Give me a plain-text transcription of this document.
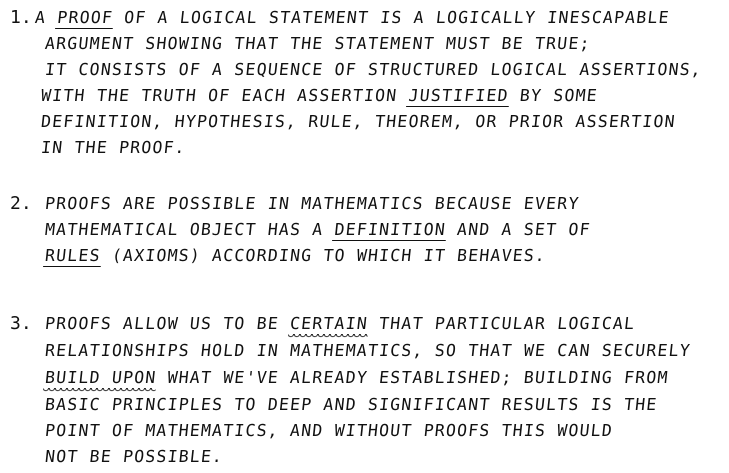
1. A PROOF OF A LOGICAL STATEMENT IS A LOGICALLY INESCAPABLE
ARGUMENT SHOWING THAT THE STATEMENT MUST BE TRUE;
IT CONSISTS OF A SEQUENCE OF STRUCTURED LOGICAL ASSERTIONS,
WITH THE TRUTH OF EACH ASSERTION JUSTIFIED BY SOME
DEFINITION, HYPOTHESIS, RULE, THEOREM, OR PRIOR ASSERTION
IN THE PROOF.
2. PROOFS ARE POSSIBLE IN MATHEMATICS BECAUSE EVERY
MATHEMATICAL OBJECT HAS A DEFINITION AND A SET OF
RULES (AXIOMS) ACCORDING TO WHICH IT BEHAVES.
3. PROOFS ALLOW US TO BE CERTAIN THAT PARTICULAR LOGICAL
RELATIONSHIPS HOLD IN MATHEMATICS, SO THAT WE CAN SECURELY
BUILD UPON WHAT WE'VE ALREADY ESTABLISHED; BUILDING FROM
BASIC PRINCIPLES TO DEEP AND SIGNIFICANT RESULTS IS THE
POINT OF MATHEMATICS, AND WITHOUT PROOFS THIS WOULD
NOT BE POSSIBLE.
